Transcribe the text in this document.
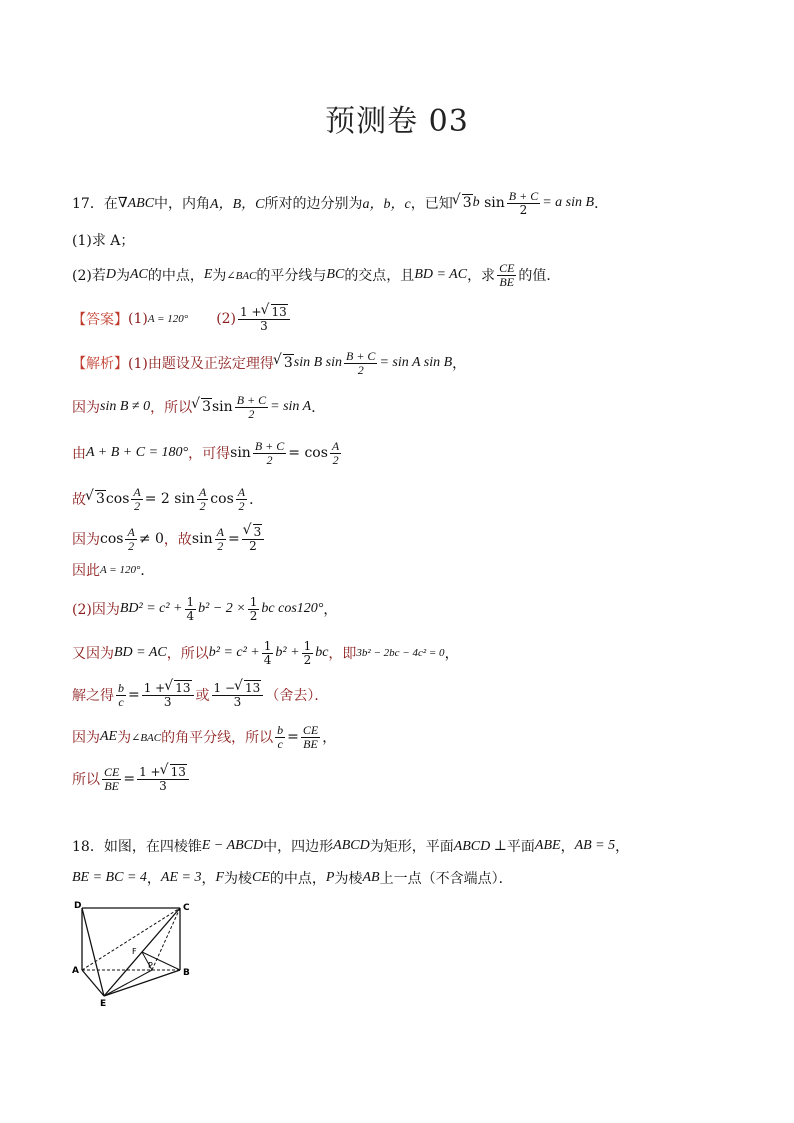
预测卷 03
17． 在 ∇ABC 中，内角 A，B，C 所对的边分别为 a，b，c ，已知 √ 3 b
$\sin \frac{B + C}{2} = a$ sin B ．
(1)求 A；
(2)若 D 为 AC 的中点， E 为 ∠BAC 的平分线与 BC 的交点，且 BD = AC ，求 $\frac{CE}{BE}$ 的值．
【答案】 (1) A = 120° $(2) \frac{1 + √ 13}{3}$
【解析】 (1)由题设及正弦定理得 √ 3 sin B $\sin \frac{B + C}{2} = \sin A$ sin B ，
因为 sin B ≠ 0 ，所以 √ 3 $\sin \frac{B + C}{2} = \sin A$ ．
由 A + B + C = 180° ，可得 $\sin \frac{B + C}{2} = \cos \frac{A}{2}$
故 √ 3 $\cos \frac{A}{2} = 2$ $\sin \frac{A}{2}$ $\cos \frac{A}{2}$ ．
因为 $\cos \frac{A}{2} \ne 0$ ，故 $\sin \frac{A}{2}$ = √ $\frac{3}{2}$
因此 A = 120° ．
(2)因为 $BD^2 = c^2 + \frac{1}{4} b^2 - 2 \times \frac{1}{2}$ bc cos120° ，
又因为 BD = AC ，所以 $b^2 = c^2 + \frac{1}{4} b^2 + \frac{1}{2}$ bc ，即 3b² − 2bc − 4c² = 0 ，
解之得 $\frac{b}{c} = \frac{1 + √ 13}{3}$ 或 $\frac{1 - √ 13}{3}$ （舍去）．
因为 AE 为 ∠BAC 的角平分线，所以 $\frac{b}{c} = \frac{CE}{BE}$ ，
所以 $\frac{CE}{BE} = \frac{1 + √ 13}{3}$
18． 如图，在四棱锥 E − ABCD 中，四边形 ABCD 为矩形，平面 ABCD ⊥ 平面 ABE ， AB = 5 ，
BE = BC = 4 ， AE = 3 ， F 为棱 CE 的中点， P 为棱 AB 上一点（不含端点）．
D	C
A	B
E
F
P
